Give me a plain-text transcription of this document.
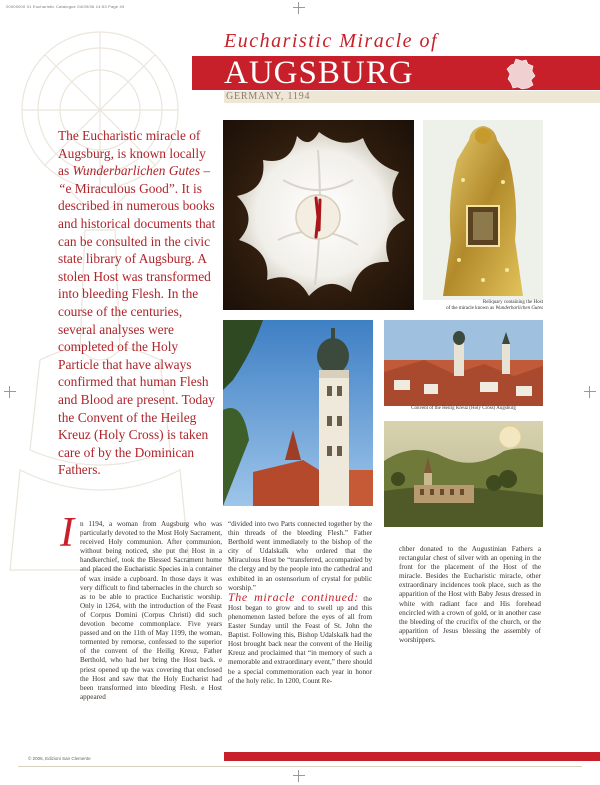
20000000 01 Eucharistic Catalogue 04/09/06 14:53 Page 49
Eucharistic Miracle of
AUGSBURG
GERMANY, 1194
The Eucharistic miracle of Augsburg, is known locally as Wunderbarlichen Gutes – “e Miraculous Good”. It is described in numerous books and historical documents that can be consulted in the civic state library of Augsburg. A stolen Host was transformed into bleeding Flesh. In the course of the centuries, several analyses were completed of the Holy Particle that have always confirmed that human Flesh and Blood are present. Today the Convent of the Heileg Kreuz (Holy Cross) is taken care of by the Dominican Fathers.
Reliquary containing the Host
of the miracle known as Wunderbarlichen Gutes
Convent of the Heilig Kreuz (Holy Cross) Augsburg
I n 1194, a woman from Augsburg who was particularly devoted to the Most Holy Sacrament, received Holy communion. After communion, without being noticed, she put the Host in a handkerchief, took the Blessed Sacrament home and placed the Eucharistic Species in a container of wax inside a cupboard. In those days it was very difficult to find tabernacles in the church so as to be able to practice Eucharistic worship. Only in 1264, with the introduction of the Feast of Corpus Domini (Corpus Christi) did such devotion become commonplace. Five years passed and on the 11th of May 1199, the woman, tormented by remorse, confessed to the superior of the convent of the Heilig Kreuz, Father Berthold, who had her bring the Host back. e priest opened up the wax covering that enclosed the Host and saw that the Holy Eucharist had been transformed into bleeding Flesh. e Host appeared
“divided into two Parts connected together by the thin threads of the bleeding Flesh.” Father Berthold went immediately to the bishop of the city of Udalskalk who ordered that the Miraculous Host be “transferred, accompanied by the clergy and by the people into the cathedral and exhibited in an ostensorium of crystal for public worship.”
The miracle continued: the Host began to grow and to swell up and this phenomenon lasted before the eyes of all from Easter Sunday until the Feast of St. John the Baptist. Following this, Bishop Udalskalk had the Host brought back near the convent of the Heilig Kreuz and proclaimed that “in memory of such a memorable and extraordinary event,” there should be a special commemoration each year in honor of the holy relic. In 1200, Count Re-
chber donated to the Augustinian Fathers a rectangular chest of silver with an opening in the front for the placement of the Host of the miracle. Besides the Eucharistic miracle, other extraordinary incidences took place, such as the apparition of the Host with Baby Jesus dressed in white with radiant face and His forehead encircled with a crown of gold, or in another case the bleeding of the crucifix of the church, or the apparition of Jesus blessing the assembly of worshippers.
© 2006, Edizioni San Clemente
